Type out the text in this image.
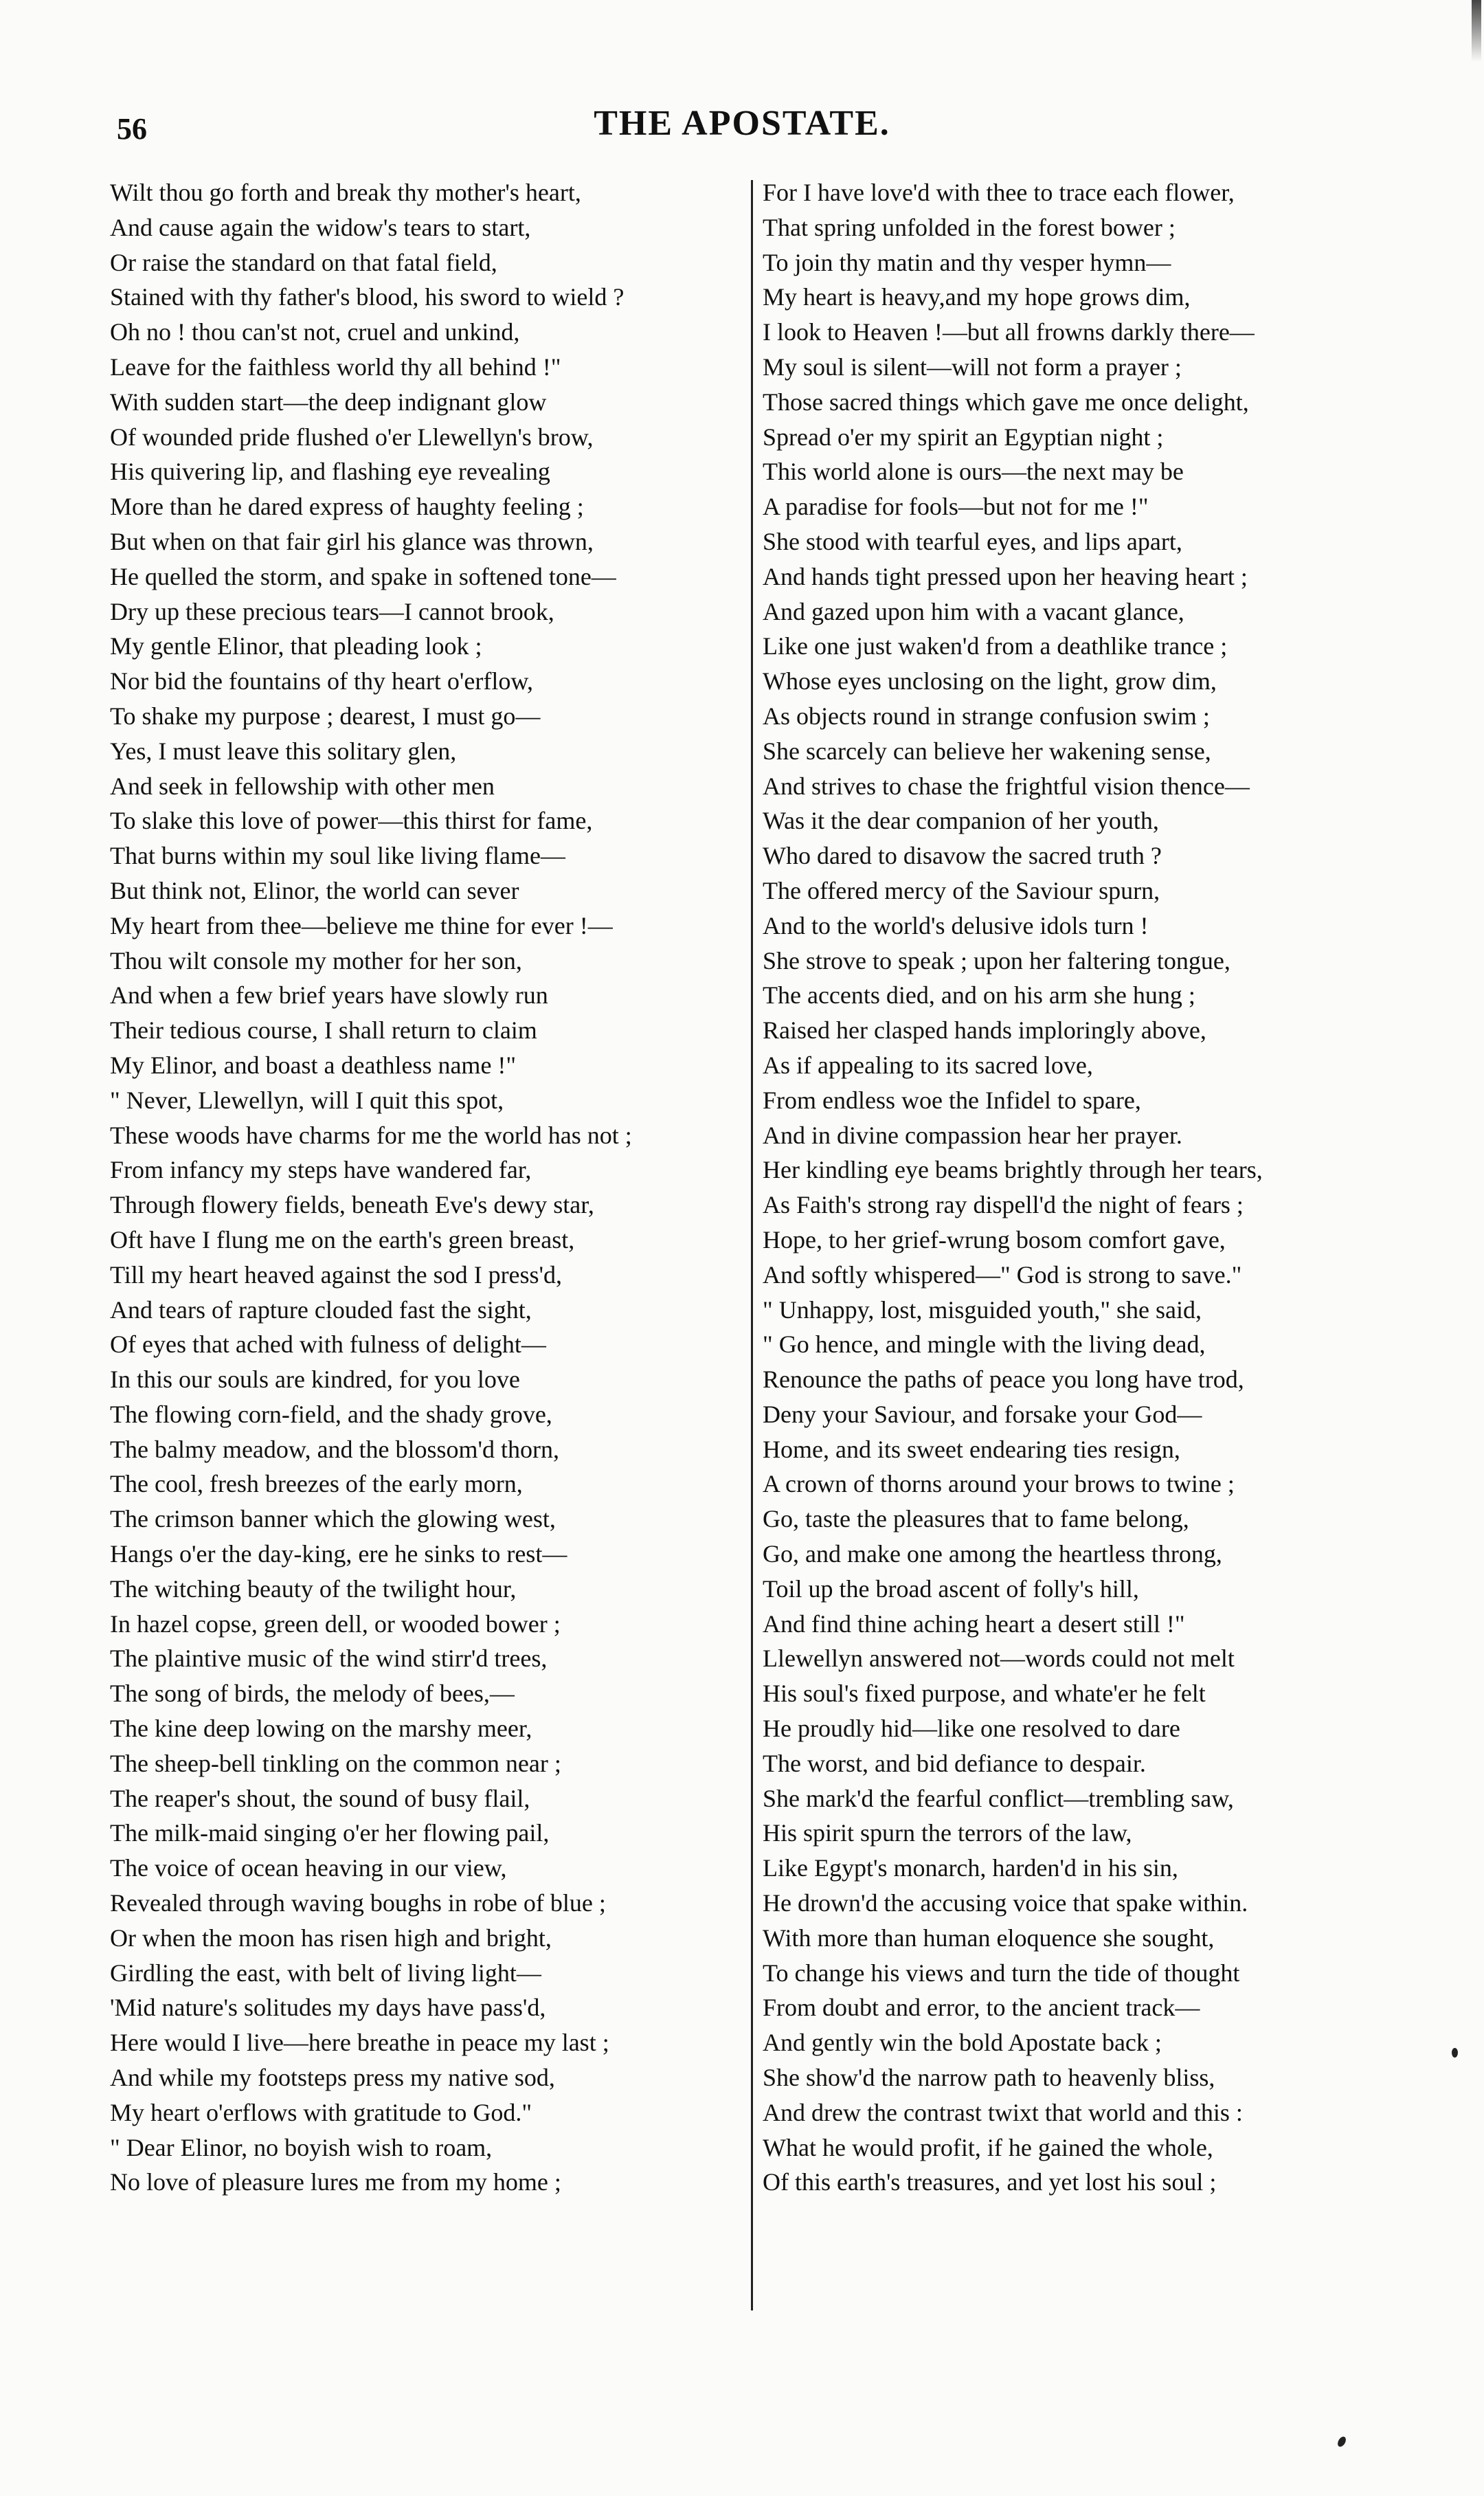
56	THE APOSTATE.
Wilt thou go forth and break thy mother's heart,
And cause again the widow's tears to start,
Or raise the standard on that fatal field,
Stained with thy father's blood, his sword to wield ?
Oh no ! thou can'st not, cruel and unkind,
Leave for the faithless world thy all behind !"
With sudden start—the deep indignant glow
Of wounded pride flushed o'er Llewellyn's brow,
His quivering lip, and flashing eye revealing
More than he dared express of haughty feeling ;
But when on that fair girl his glance was thrown,
He quelled the storm, and spake in softened tone—
Dry up these precious tears—I cannot brook,
My gentle Elinor, that pleading look ;
Nor bid the fountains of thy heart o'erflow,
To shake my purpose ; dearest, I must go—
Yes, I must leave this solitary glen,
And seek in fellowship with other men
To slake this love of power—this thirst for fame,
That burns within my soul like living flame—
But think not, Elinor, the world can sever
My heart from thee—believe me thine for ever !—
Thou wilt console my mother for her son,
And when a few brief years have slowly run
Their tedious course, I shall return to claim
My Elinor, and boast a deathless name !"
" Never, Llewellyn, will I quit this spot,
These woods have charms for me the world has not ;
From infancy my steps have wandered far,
Through flowery fields, beneath Eve's dewy star,
Oft have I flung me on the earth's green breast,
Till my heart heaved against the sod I press'd,
And tears of rapture clouded fast the sight,
Of eyes that ached with fulness of delight—
In this our souls are kindred, for you love
The flowing corn-field, and the shady grove,
The balmy meadow, and the blossom'd thorn,
The cool, fresh breezes of the early morn,
The crimson banner which the glowing west,
Hangs o'er the day-king, ere he sinks to rest—
The witching beauty of the twilight hour,
In hazel copse, green dell, or wooded bower ;
The plaintive music of the wind stirr'd trees,
The song of birds, the melody of bees,—
The kine deep lowing on the marshy meer,
The sheep-bell tinkling on the common near ;
The reaper's shout, the sound of busy flail,
The milk-maid singing o'er her flowing pail,
The voice of ocean heaving in our view,
Revealed through waving boughs in robe of blue ;
Or when the moon has risen high and bright,
Girdling the east, with belt of living light—
'Mid nature's solitudes my days have pass'd,
Here would I live—here breathe in peace my last ;
And while my footsteps press my native sod,
My heart o'erflows with gratitude to God."
" Dear Elinor, no boyish wish to roam,
No love of pleasure lures me from my home ;
For I have love'd with thee to trace each flower,
That spring unfolded in the forest bower ;
To join thy matin and thy vesper hymn—
My heart is heavy,and my hope grows dim,
I look to Heaven !—but all frowns darkly there—
My soul is silent—will not form a prayer ;
Those sacred things which gave me once delight,
Spread o'er my spirit an Egyptian night ;
This world alone is ours—the next may be
A paradise for fools—but not for me !"
She stood with tearful eyes, and lips apart,
And hands tight pressed upon her heaving heart ;
And gazed upon him with a vacant glance,
Like one just waken'd from a deathlike trance ;
Whose eyes unclosing on the light, grow dim,
As objects round in strange confusion swim ;
She scarcely can believe her wakening sense,
And strives to chase the frightful vision thence—
Was it the dear companion of her youth,
Who dared to disavow the sacred truth ?
The offered mercy of the Saviour spurn,
And to the world's delusive idols turn !
She strove to speak ; upon her faltering tongue,
The accents died, and on his arm she hung ;
Raised her clasped hands imploringly above,
As if appealing to its sacred love,
From endless woe the Infidel to spare,
And in divine compassion hear her prayer.
Her kindling eye beams brightly through her tears,
As Faith's strong ray dispell'd the night of fears ;
Hope, to her grief-wrung bosom comfort gave,
And softly whispered—" God is strong to save."
" Unhappy, lost, misguided youth," she said,
" Go hence, and mingle with the living dead,
Renounce the paths of peace you long have trod,
Deny your Saviour, and forsake your God—
Home, and its sweet endearing ties resign,
A crown of thorns around your brows to twine ;
Go, taste the pleasures that to fame belong,
Go, and make one among the heartless throng,
Toil up the broad ascent of folly's hill,
And find thine aching heart a desert still !"
Llewellyn answered not—words could not melt
His soul's fixed purpose, and whate'er he felt
He proudly hid—like one resolved to dare
The worst, and bid defiance to despair.
She mark'd the fearful conflict—trembling saw,
His spirit spurn the terrors of the law,
Like Egypt's monarch, harden'd in his sin,
He drown'd the accusing voice that spake within.
With more than human eloquence she sought,
To change his views and turn the tide of thought
From doubt and error, to the ancient track—
And gently win the bold Apostate back ;
She show'd the narrow path to heavenly bliss,
And drew the contrast twixt that world and this :
What he would profit, if he gained the whole,
Of this earth's treasures, and yet lost his soul ;
